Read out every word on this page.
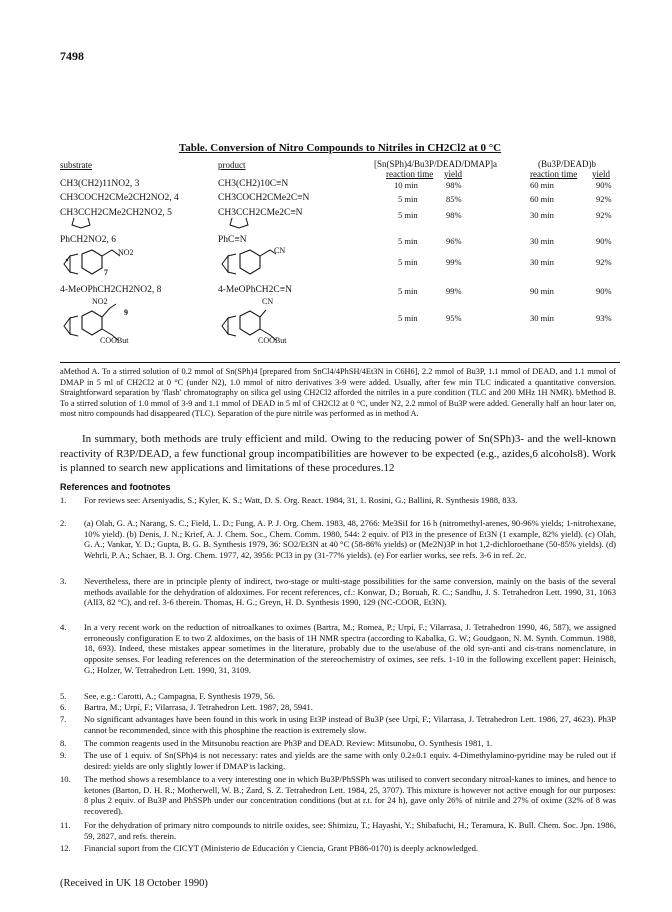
7498
Table. Conversion of Nitro Compounds to Nitriles in CH2Cl2 at 0 °C
substrate	product	[Sn(SPh)4/Bu3P/DEAD/DMAP]a	(Bu3P/DEAD)b
reaction time yield	reaction time yield
CH3(CH2)11NO2, 3	CH3(CH2)10C≡N	10 min	98%	60 min	90%
CH3COCH2CMe2CH2NO2, 4	CH3COCH2CMe2C≡N	5 min	85%	60 min	92%
CH3CCH2CMe2CH2NO2, 5	CH3CCH2CMe2C≡N	5 min	98%	30 min	92%
PhCH2NO2, 6	PhC≡N	5 min	96%	30 min	90%
NO2
7
CN
5 min	99%	30 min	92%
4-MeOPhCH2CH2NO2, 8	4-MeOPhCH2C≡N	5 min	99%	90 min	90%
NO2
9
COOBut
CN
COOBut
5 min	95%	30 min	93%
aMethod A. To a stirred solution of 0.2 mmol of Sn(SPh)4 [prepared from SnCl4/4PhSH/4Et3N in C6H6], 2.2 mmol of Bu3P, 1.1 mmol of DEAD, and 1.1 mmol of DMAP in 5 ml of CH2Cl2 at 0 °C (under N2), 1.0 mmol of nitro derivatives 3-9 were added. Usually, after few min TLC indicated a quantitative conversion. Straightforward separation by 'flash' chromatography on silica gel using CH2Cl2 afforded the nitriles in a pure condition (TLC and 200 MHz 1H NMR). bMethod B. To a stirred solution of 1.0 mmol of 3-9 and 1.1 mmol of DEAD in 5 ml of CH2Cl2 at 0 °C, under N2, 2.2 mmol of Bu3P were added. Generally half an hour later on, most nitro compounds had disappeared (TLC). Separation of the pure nitrile was performed as in method A.
In summary, both methods are truly efficient and mild. Owing to the reducing power of Sn(SPh)3- and the well-known reactivity of R3P/DEAD, a few functional group incompatibilities are however to be expected (e.g., azides,6 alcohols8). Work is planned to search new applications and limitations of these procedures.12
References and footnotes
1.	For reviews see: Arseniyadis, S.; Kyler, K. S.; Watt, D. S. Org. React. 1984, 31, 1. Rosini, G.; Ballini, R. Synthesis 1988, 833.
2.	(a) Olah, G. A.; Narang, S. C.; Field, L. D.; Fung, A. P. J. Org. Chem. 1983, 48, 2766: Me3SiI for 16 h (nitromethyl-arenes, 90-96% yields; 1-nitrohexane, 10% yield). (b) Denis, J. N.; Krief, A. J. Chem. Soc., Chem. Comm. 1980, 544: 2 equiv. of PI3 in the presence of Et3N (1 example, 82% yield). (c) Olah, G. A.; Vankar, Y. D.; Gupta, B. G. B. Synthesis 1979, 36: SO2/Et3N at 40 °C (58-86% yields) or (Me2N)3P in hot 1,2-dichloroethane (50-85% yields). (d) Wehrli, P. A.; Schaer, B. J. Org. Chem. 1977, 42, 3956: PCl3 in py (31-77% yields). (e) For earlier works, see refs. 3-6 in ref. 2c.
3.	Nevertheless, there are in principle plenty of indirect, two-stage or multi-stage possibilities for the same conversion, mainly on the basis of the several methods available for the dehydration of aldoximes. For recent references, cf.: Konwar, D.; Boruah, R. C.; Sandhu, J. S. Tetrahedron Lett. 1990, 31, 1063 (AlI3, 82 °C), and ref. 3-6 therein. Thomas, H. G.; Greyn, H. D. Synthesis 1990, 129 (NC-COOR, Et3N).
4.	In a very recent work on the reduction of nitroalkanes to oximes (Bartra, M.; Romea, P.; Urpí, F.; Vilarrasa, J. Tetrahedron 1990, 46, 587), we assigned erroneously configuration E to two Z aldoximes, on the basis of 1H NMR spectra (according to Kabalka, G. W.; Goudgaon, N. M. Synth. Commun. 1988, 18, 693). Indeed, these mistakes appear sometimes in the literature, probably due to the use/abuse of the old syn-anti and cis-trans nomenclature, in opposite senses. For leading references on the determination of the stereochemistry of oximes, see refs. 1-10 in the following excellent paper: Heinisch, G.; Holzer, W. Tetrahedron Lett. 1990, 31, 3109.
5.	See, e.g.: Carotti, A.; Campagna, F. Synthesis 1979, 56.
6.	Bartra, M.; Urpí, F.; Vilarrasa, J. Tetrahedron Lett. 1987, 28, 5941.
7.	No significant advantages have been found in this work in using Et3P instead of Bu3P (see Urpí, F.; Vilarrasa, J. Tetrahedron Lett. 1986, 27, 4623). Ph3P cannot be recommended, since with this phosphine the reaction is extremely slow.
8.	The common reagents used in the Mitsunobu reaction are Ph3P and DEAD. Review: Mitsunobu, O. Synthesis 1981, 1.
9.	The use of 1 equiv. of Sn(SPh)4 is not necessary: rates and yields are the same with only 0.2±0.1 equiv. 4-Dimethylamino-pyridine may be ruled out if desired: yields are only slightly lower if DMAP is lacking.
10.	The method shows a resemblance to a very interesting one in which Bu3P/PhSSPh was utilised to convert secondary nitroal-kanes to imines, and hence to ketones (Barton, D. H. R.; Motherwell, W. B.; Zard, S. Z. Tetrahedron Lett. 1984, 25, 3707). This mixture is however not active enough for our purposes: 8 plus 2 equiv. of Bu3P and PhSSPh under our concentration conditions (but at r.t. for 24 h), gave only 26% of nitrile and 27% of oxime (32% of 8 was recovered).
11.	For the dehydration of primary nitro compounds to nitrile oxides, see: Shimizu, T.; Hayashi, Y.; Shibafuchi, H.; Teramura, K. Bull. Chem. Soc. Jpn. 1986, 59, 2827, and refs. therein.
12.	Financial suport from the CICYT (Ministerio de Educación y Ciencia, Grant PB86-0170) is deeply acknowledged.
(Received in UK 18 October 1990)
